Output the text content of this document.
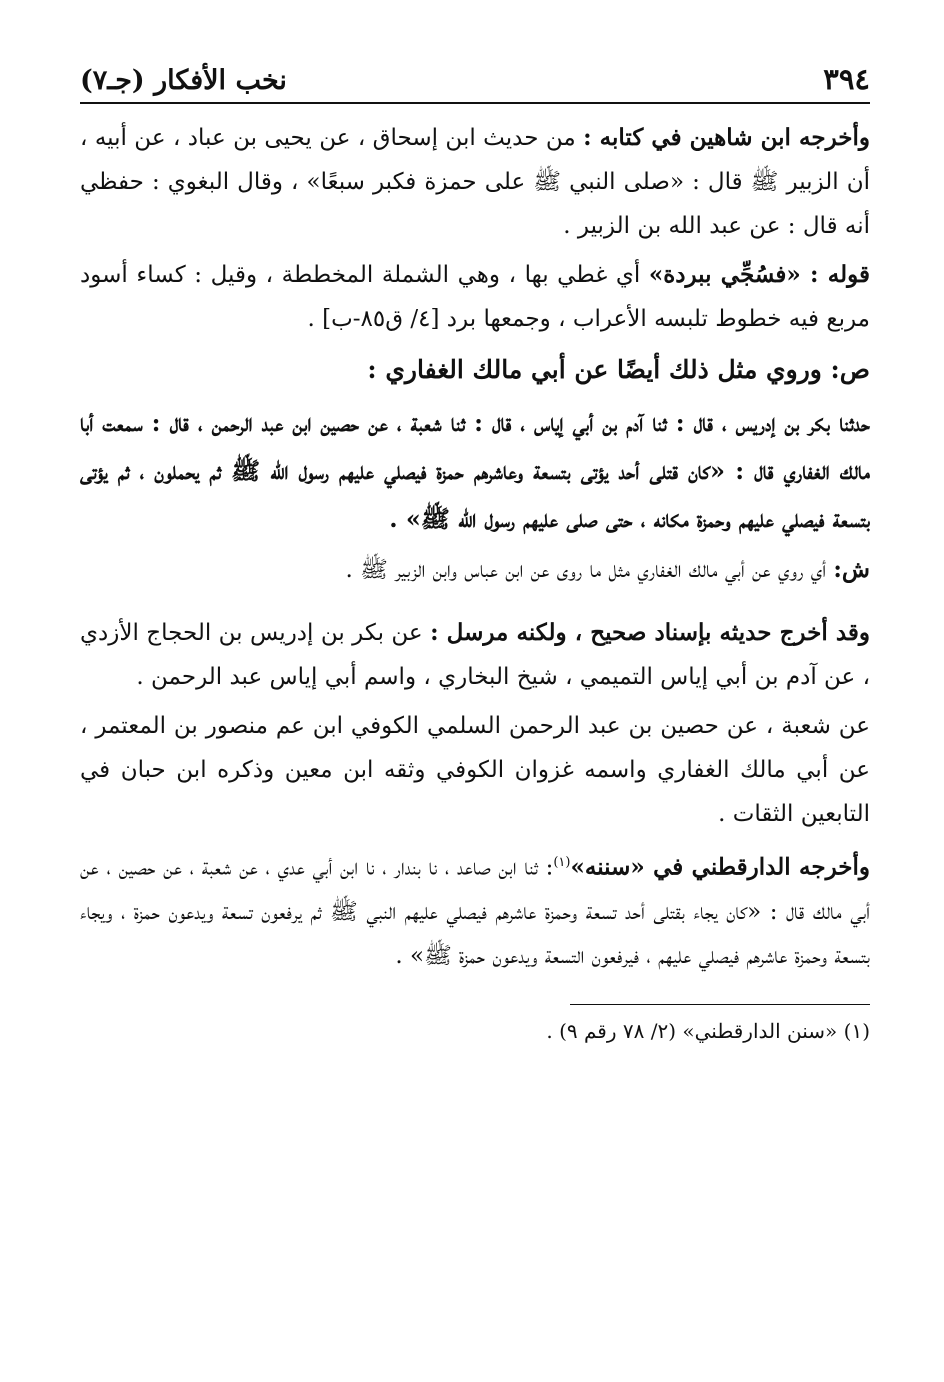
٣٩٤
نخب الأفكار (جـ٧)

وأخرجه ابن شاهين في كتابه : من حديث ابن إسحاق ، عن يحيى بن عباد ، عن أبيه ، أن الزبير ﷺ قال : «صلى النبي ﷺ على حمزة فكبر سبعًا» ، وقال البغوي : حفظي أنه قال : عن عبد الله بن الزبير .

قوله : «فسُجِّي ببردة» أي غطي بها ، وهي الشملة المخططة ، وقيل : كساء أسود مربع فيه خطوط تلبسه الأعراب ، وجمعها برد [٤/ ق٨٥-ب] .

ص: وروي مثل ذلك أيضًا عن أبي مالك الغفاري :

حدثنا بكر بن إدريس ، قال : ثنا آدم بن أبي إياس ، قال : ثنا شعبة ، عن حصين ابن عبد الرحمن ، قال : سمعت أبا مالك الغفاري قال : «كان قتلى أحد يؤتى بتسعة وعاشرهم حمزة فيصلي عليهم رسول الله ﷺ ثم يحملون ، ثم يؤتى بتسعة فيصلي عليهم وحمزة مكانه ، حتى صلى عليهم رسول الله ﷺ» .

ش: أي روي عن أبي مالك الغفاري مثل ما روى عن ابن عباس وابن الزبير ﷺ .

وقد أخرج حديثه بإسناد صحيح ، ولكنه مرسل : عن بكر بن إدريس بن الحجاج الأزدي ، عن آدم بن أبي إياس التميمي ، شيخ البخاري ، واسم أبي إياس عبد الرحمن .

عن شعبة ، عن حصين بن عبد الرحمن السلمي الكوفي ابن عم منصور بن المعتمر ، عن أبي مالك الغفاري واسمه غزوان الكوفي وثقه ابن معين وذكره ابن حبان في التابعين الثقات .

وأخرجه الدارقطني في «سننه»$^{(١)}$: ثنا ابن صاعد ، نا بندار ، نا ابن أبي عدي ، عن شعبة ، عن حصين ، عن أبي مالك قال : «كان يجاء بقتلى أحد تسعة وحمزة عاشرهم فيصلي عليهم النبي ﷺ ثم يرفعون تسعة ويدعون حمزة ، ويجاء بتسعة وحمزة عاشرهم فيصلي عليهم ، فيرفعون التسعة ويدعون حمزة ﷺ» .

(١) «سنن الدارقطني» (٢/ ٧٨ رقم ٩) .
